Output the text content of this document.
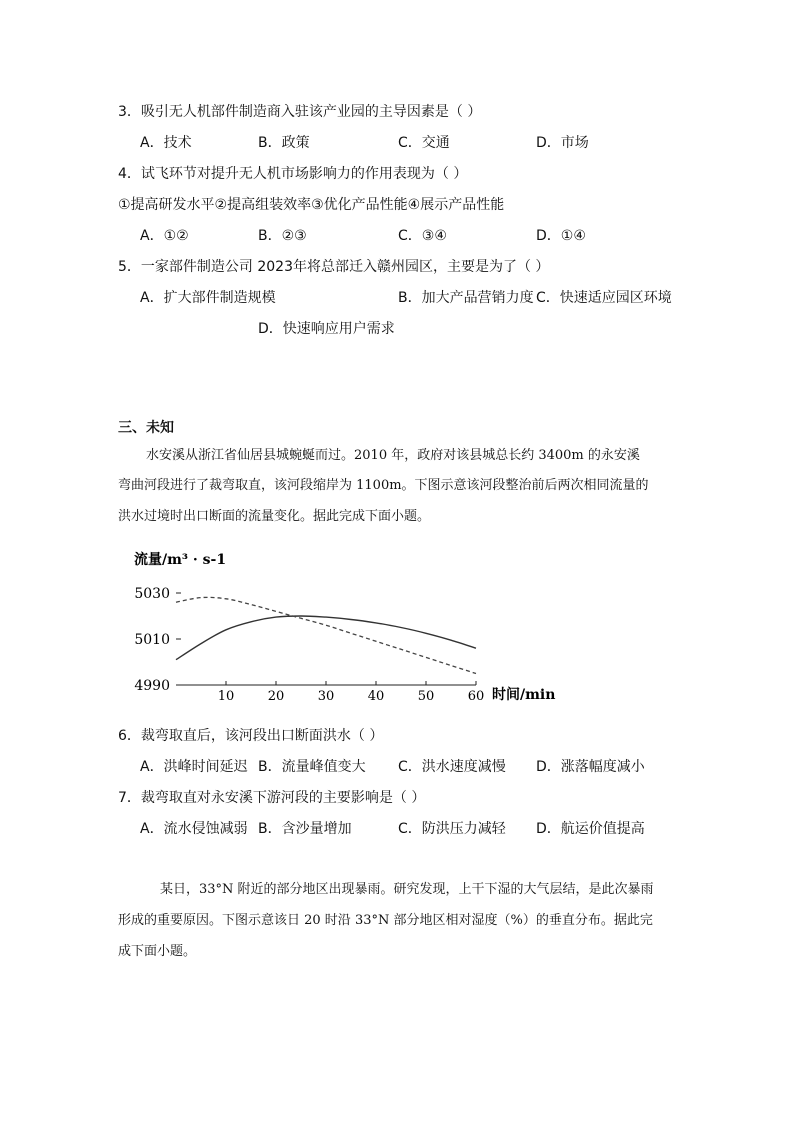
3．吸引无人机部件制造商入驻该产业园的主导因素是（ ）
A．技术	B．政策	C．交通	D．市场
4．试飞环节对提升无人机市场影响力的作用表现为（ ）
①提高研发水平②提高组装效率③优化产品性能④展示产品性能
A．①②	B．②③	C．③④	D．①④
5．一家部件制造公司 2023年将总部迁入赣州园区，主要是为了（ ）
A．扩大部件制造规模	B．加大产品营销力度 C．快速适应园区环境
D．快速响应用户需求
三、未知
水安溪从浙江省仙居县城蜿蜒而过。2010 年，政府对该县城总长约 3400m 的永安溪
弯曲河段进行了裁弯取直，该河段缩岸为 1100m。下图示意该河段整治前后两次相同流量的
洪水过境时出口断面的流量变化。据此完成下面小题。
流量/m³ · s-1
4990
5010
5030
10	20	30	40	50	60 时间/min
6．裁弯取直后，该河段出口断面洪水（ ）
A．洪峰时间延迟 B．流量峰值变大 C．洪水速度减慢 D．涨落幅度减小
7．裁弯取直对永安溪下游河段的主要影响是（ ）
A．流水侵蚀减弱 B．含沙量增加	C．防洪压力减轻 D．航运价值提高
某日，33°N 附近的部分地区出现暴雨。研究发现，上干下湿的大气层结，是此次暴雨
形成的重要原因。下图示意该日 20 时沿 33°N 部分地区相对湿度（%）的垂直分布。据此完
成下面小题。
